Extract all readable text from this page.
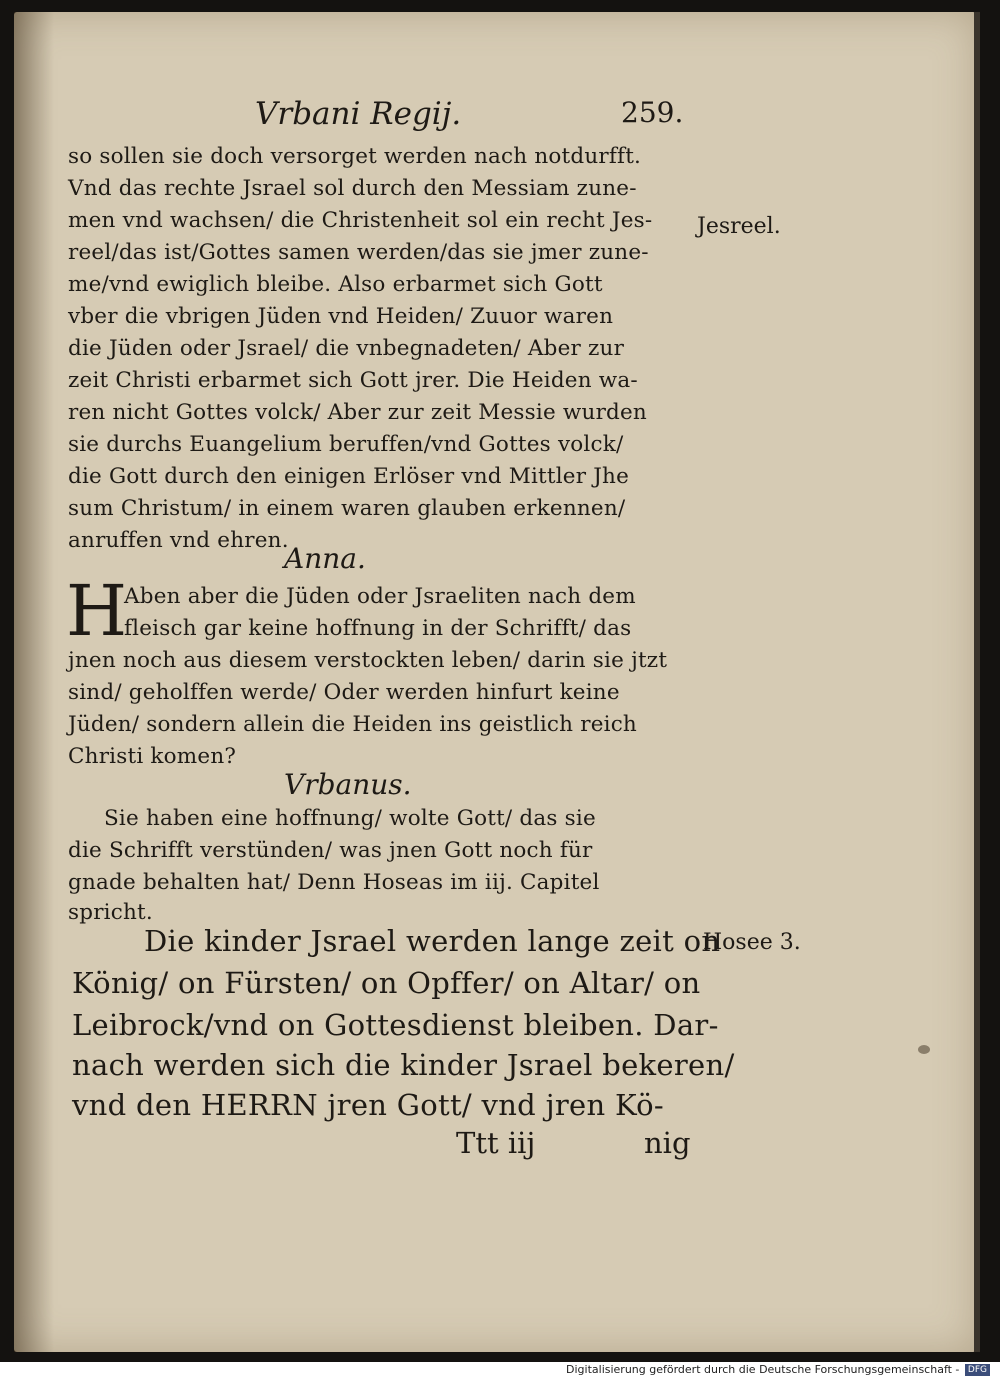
Vrbani Regij.	259.
so sollen sie doch versorget werden nach notdurfft.
Vnd das rechte Jsrael sol durch den Messiam zune-
men vnd wachsen/ die Christenheit sol ein recht Jes-
reel/das ist/Gottes samen werden/das sie jmer zune-
me/vnd ewiglich bleibe. Also erbarmet sich Gott
vber die vbrigen Jüden vnd Heiden/ Zuuor waren
die Jüden oder Jsrael/ die vnbegnadeten/ Aber zur
zeit Christi erbarmet sich Gott jrer. Die Heiden wa-
ren nicht Gottes volck/ Aber zur zeit Messie wurden
sie durchs Euangelium beruffen/vnd Gottes volck/
die Gott durch den einigen Erlöser vnd Mittler Jhe
sum Christum/ in einem waren glauben erkennen/
anruffen vnd ehren.
Jesreel.
Anna.
H
Aben aber die Jüden oder Jsraeliten nach dem
fleisch gar keine hoffnung in der Schrifft/ das
jnen noch aus diesem verstockten leben/ darin sie jtzt
sind/ geholffen werde/ Oder werden hinfurt keine
Jüden/ sondern allein die Heiden ins geistlich reich
Christi komen?
Vrbanus.
Sie haben eine hoffnung/ wolte Gott/ das sie
die Schrifft verstünden/ was jnen Gott noch für
gnade behalten hat/ Denn Hoseas im iij. Capitel
spricht.
Die kinder Jsrael werden lange zeit on
König/ on Fürsten/ on Opffer/ on Altar/ on
Leibrock/vnd on Gottesdienst bleiben. Dar-
nach werden sich die kinder Jsrael bekeren/
vnd den HERRN jren Gott/ vnd jren Kö-
Hosee 3.
Ttt iij	nig
Digitalisierung gefördert durch die Deutsche Forschungsgemeinschaft - DFG
